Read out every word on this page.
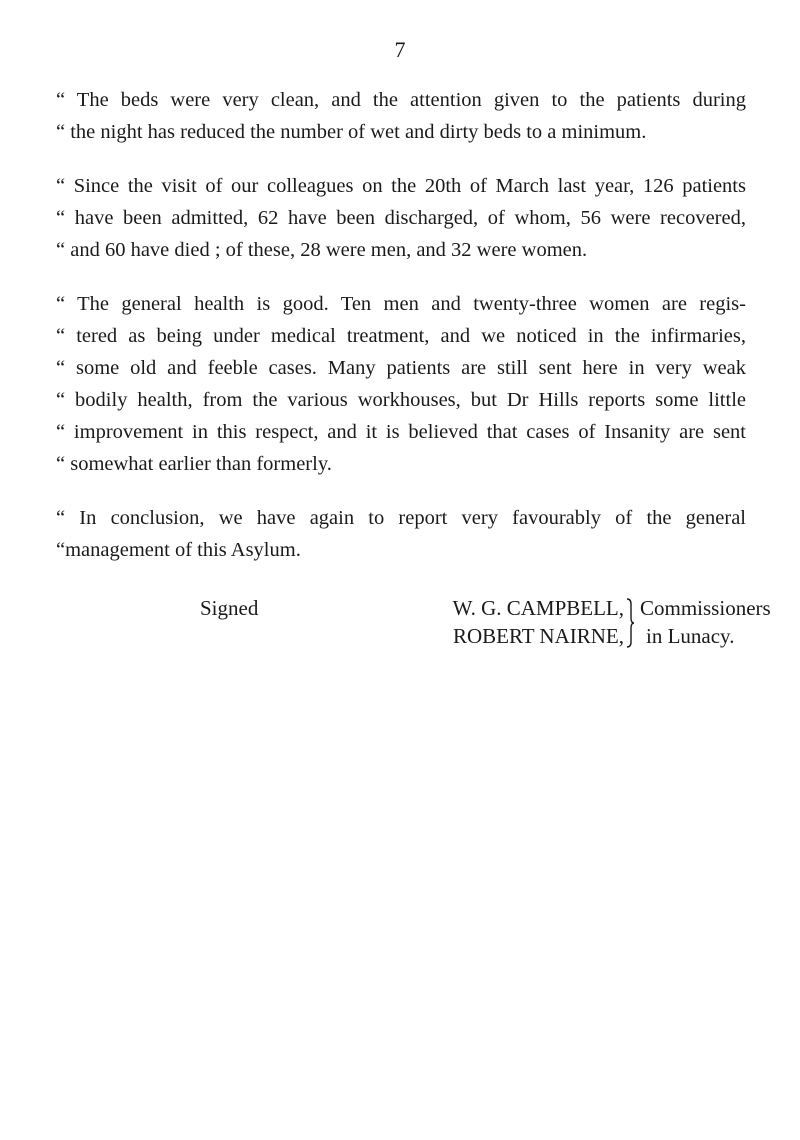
7

“ The beds were very clean, and the attention given to the patients during
“ the night has reduced the number of wet and dirty beds to a minimum.

“ Since the visit of our colleagues on the 20th of March last year, 126 patients
“ have been admitted, 62 have been discharged, of whom, 56 were recovered,
“ and 60 have died ; of these, 28 were men, and 32 were women.

“ The general health is good. Ten men and twenty-three women are regis-
“ tered as being under medical treatment, and we noticed in the infirmaries,
“ some old and feeble cases. Many patients are still sent here in very weak
“ bodily health, from the various workhouses, but Dr Hills reports some little
“ improvement in this respect, and it is believed that cases of Insanity are sent
“ somewhat earlier than formerly.

“ In conclusion, we have again to report very favourably of the general
“management of this Asylum.

Signed	W. G. CAMPBELL,
ROBERT NAIRNE,
Commissioners
in Lunacy.
